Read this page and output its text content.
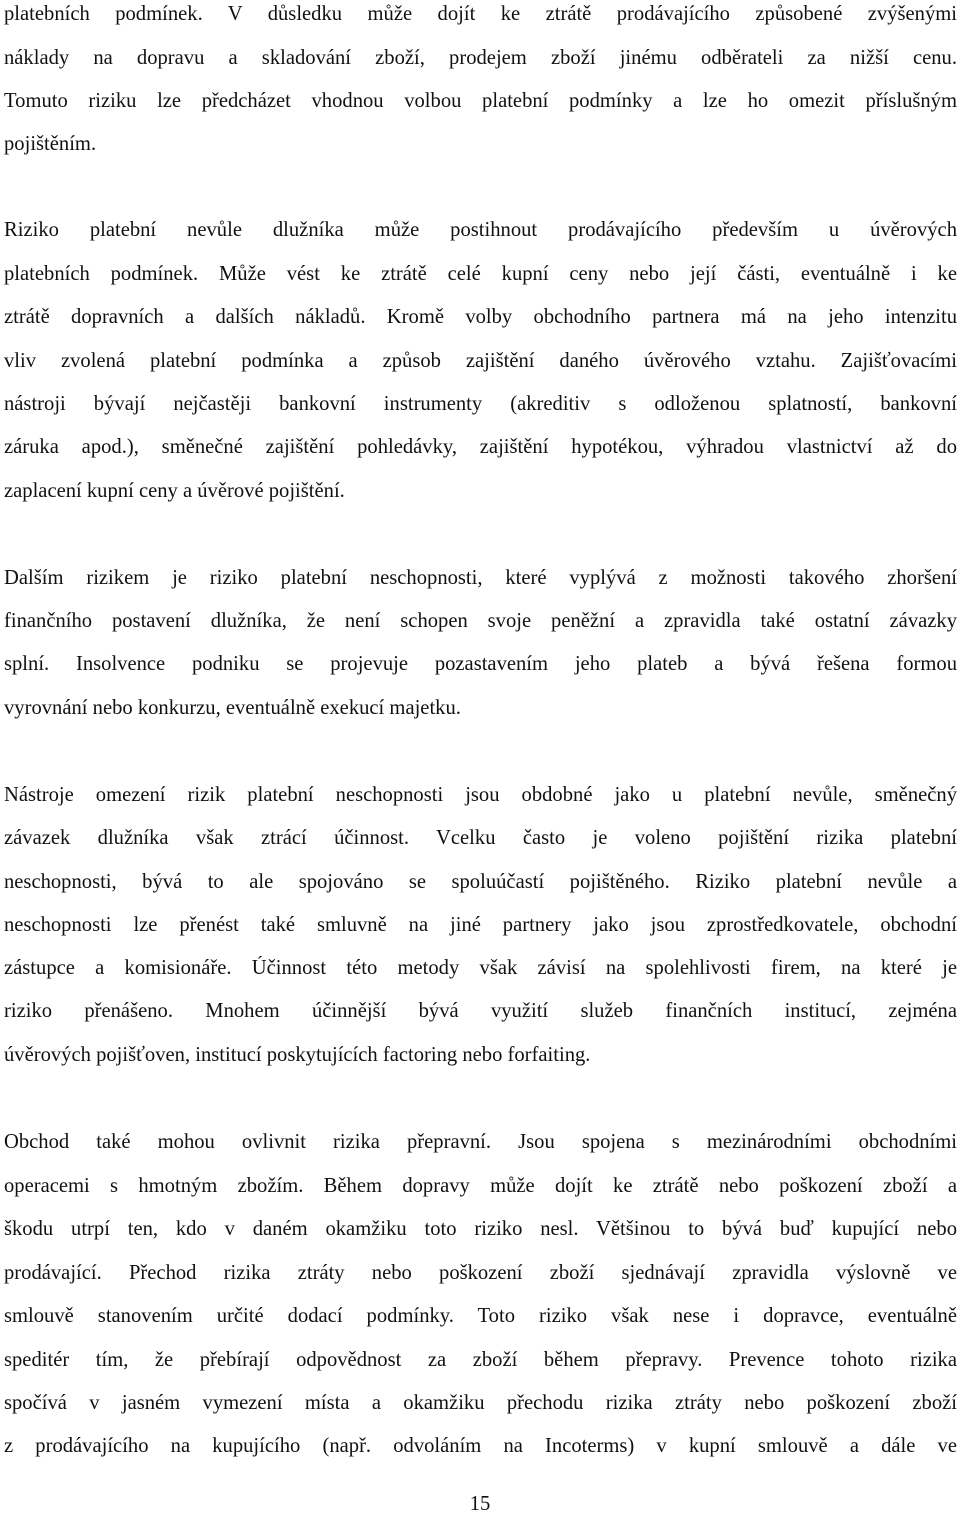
platebních podmínek. V důsledku může dojít ke ztrátě prodávajícího způsobené zvýšenými
náklady na dopravu a skladování zboží, prodejem zboží jinému odběrateli za nižší cenu.
Tomuto riziku lze předcházet vhodnou volbou platební podmínky a lze ho omezit příslušným
pojištěním.
Riziko platební nevůle dlužníka může postihnout prodávajícího především u úvěrových
platebních podmínek. Může vést ke ztrátě celé kupní ceny nebo její části, eventuálně i ke
ztrátě dopravních a dalších nákladů. Kromě volby obchodního partnera má na jeho intenzitu
vliv zvolená platební podmínka a způsob zajištění daného úvěrového vztahu. Zajišťovacími
nástroji bývají nejčastěji bankovní instrumenty (akreditiv s odloženou splatností, bankovní
záruka apod.), směnečné zajištění pohledávky, zajištění hypotékou, výhradou vlastnictví až do
zaplacení kupní ceny a úvěrové pojištění.
Dalším rizikem je riziko platební neschopnosti, které vyplývá z možnosti takového zhoršení
finančního postavení dlužníka, že není schopen svoje peněžní a zpravidla také ostatní závazky
splní. Insolvence podniku se projevuje pozastavením jeho plateb a bývá řešena formou
vyrovnání nebo konkurzu, eventuálně exekucí majetku.
Nástroje omezení rizik platební neschopnosti jsou obdobné jako u platební nevůle, směnečný
závazek dlužníka však ztrácí účinnost. Vcelku často je voleno pojištění rizika platební
neschopnosti, bývá to ale spojováno se spoluúčastí pojištěného. Riziko platební nevůle a
neschopnosti lze přenést také smluvně na jiné partnery jako jsou zprostředkovatele, obchodní
zástupce a komisionáře. Účinnost této metody však závisí na spolehlivosti firem, na které je
riziko přenášeno. Mnohem účinnější bývá využití služeb finančních institucí, zejména
úvěrových pojišťoven, institucí poskytujících factoring nebo forfaiting.
Obchod také mohou ovlivnit rizika přepravní. Jsou spojena s mezinárodními obchodními
operacemi s hmotným zbožím. Během dopravy může dojít ke ztrátě nebo poškození zboží a
škodu utrpí ten, kdo v daném okamžiku toto riziko nesl. Většinou to bývá buď kupující nebo
prodávající. Přechod rizika ztráty nebo poškození zboží sjednávají zpravidla výslovně ve
smlouvě stanovením určité dodací podmínky. Toto riziko však nese i dopravce, eventuálně
speditér tím, že přebírají odpovědnost za zboží během přepravy. Prevence tohoto rizika
spočívá v jasném vymezení místa a okamžiku přechodu rizika ztráty nebo poškození zboží
z prodávajícího na kupujícího (např. odvoláním na Incoterms) v kupní smlouvě a dále ve
15
